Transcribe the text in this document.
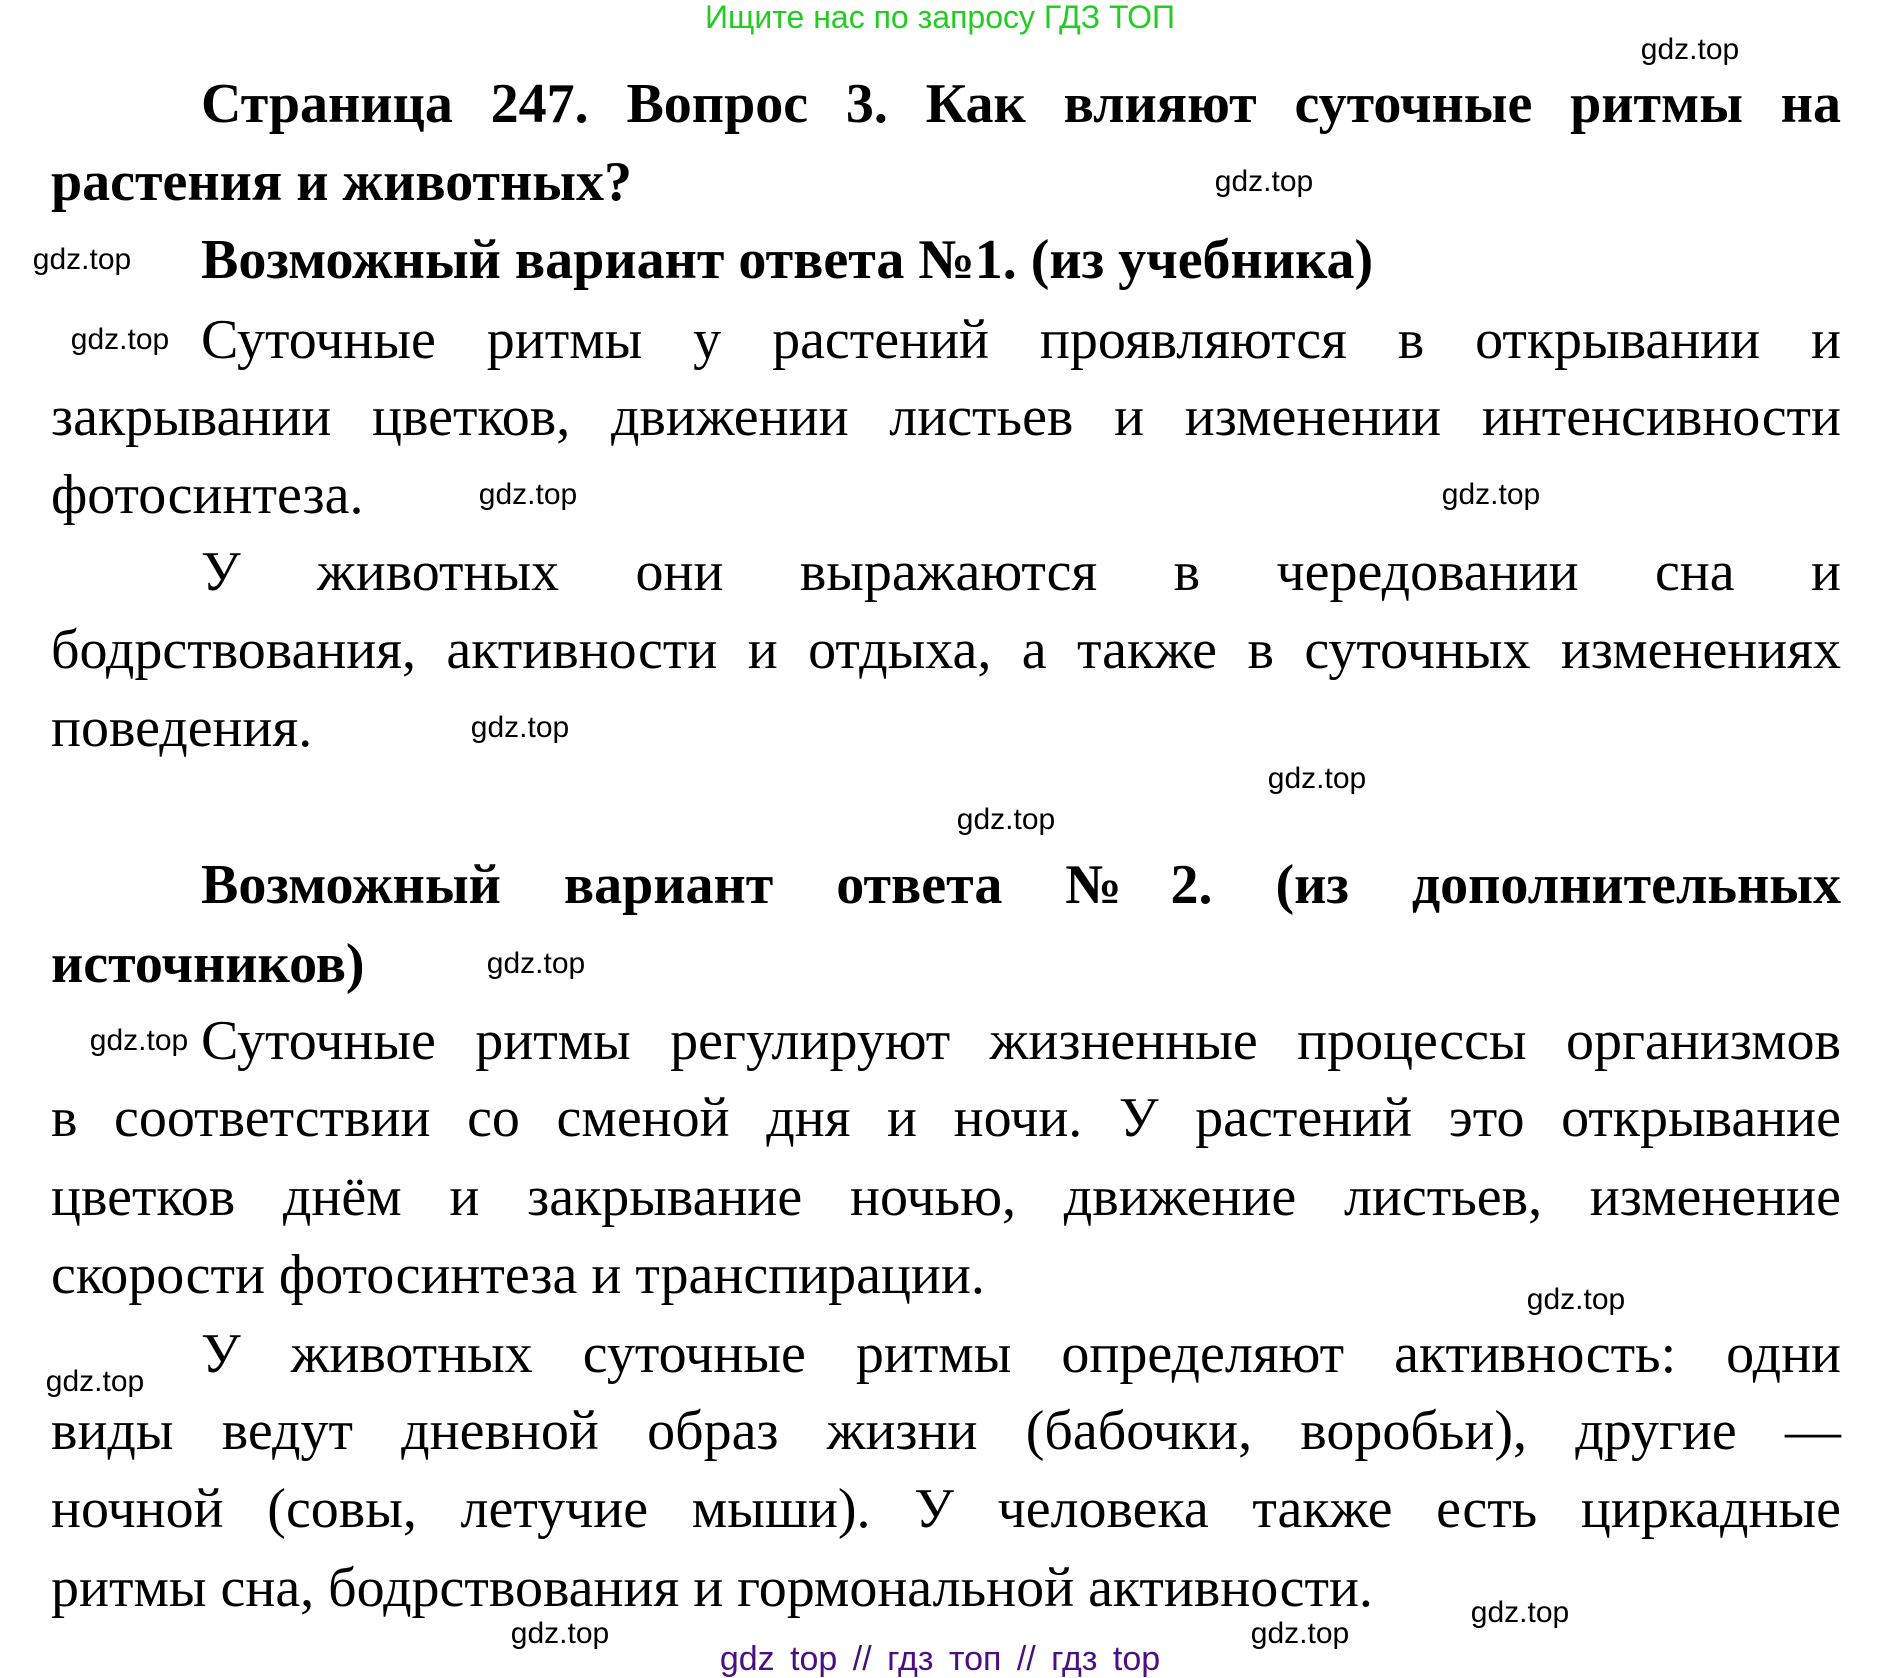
Ищите нас по запросу ГДЗ ТОП
Страница 247. Вопрос 3. Как влияют суточные ритмы на
растения и животных?
Возможный вариант ответа №1. (из учебника)
Суточные ритмы у растений проявляются в открывании и
закрывании цветков, движении листьев и изменении интенсивности
фотосинтеза.
У животных они выражаются в чередовании сна и
бодрствования, активности и отдыха, а также в суточных изменениях
поведения.
Возможный вариант ответа №2. (из дополнительных
источников)
Суточные ритмы регулируют жизненные процессы организмов
в соответствии со сменой дня и ночи. У растений это открывание
цветков днём и закрывание ночью, движение листьев, изменение
скорости фотосинтеза и транспирации.
У животных суточные ритмы определяют активность: одни
виды ведут дневной образ жизни (бабочки, воробьи), другие —
ночной (совы, летучие мыши). У человека также есть циркадные
ритмы сна, бодрствования и гормональной активности.
gdz.top
gdz.top
gdz.top
gdz.top
gdz.top	gdz.top
gdz.top
gdz.top
gdz.top
gdz.top
gdz.top
gdz.top
gdz.top
gdz.top
gdz.top
gdz.top
gdz top // гдз топ // гдз top
